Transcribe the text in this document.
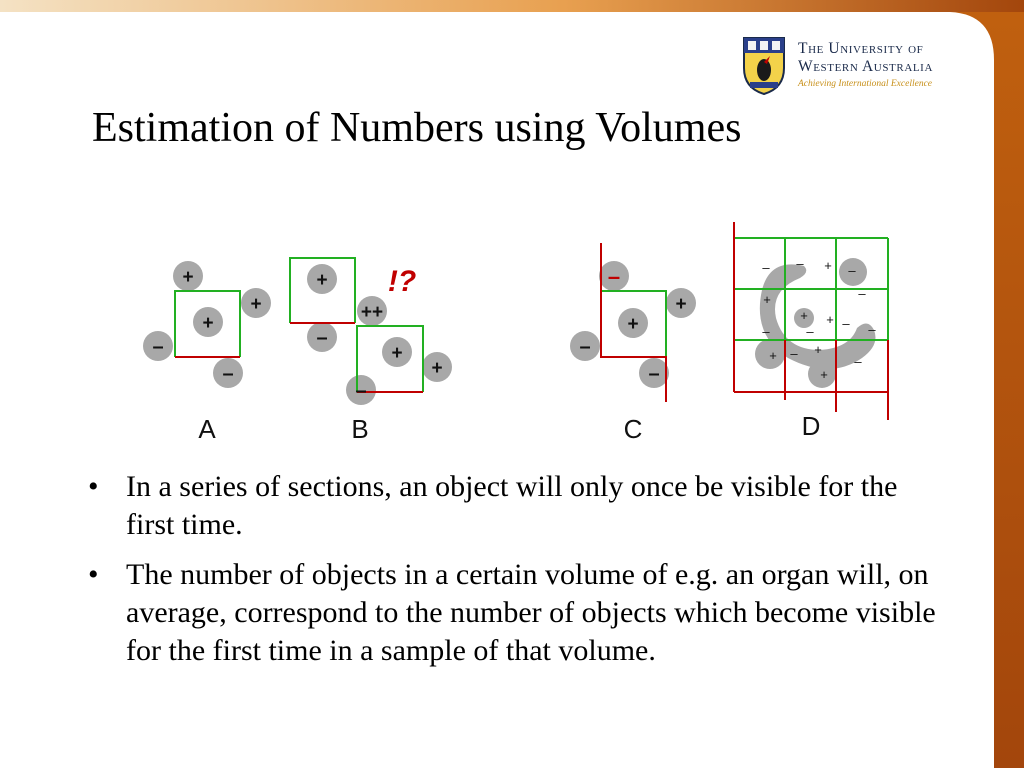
The University of
Western Australia
Achieving International Excellence
Estimation of Numbers using Volumes
+
+
+
–
–
A
+
++
–
+
+
–
!?
B
–
+
+
–
–
C
– – + –
–
+
+ + – –
–	–
+
–
+	–
+
D
• In a series of sections, an object will only once be visible for the first time.
• The number of objects in a certain volume of e.g. an organ will, on average, correspond to the number of objects which become visible for the first time in a sample of that volume.
